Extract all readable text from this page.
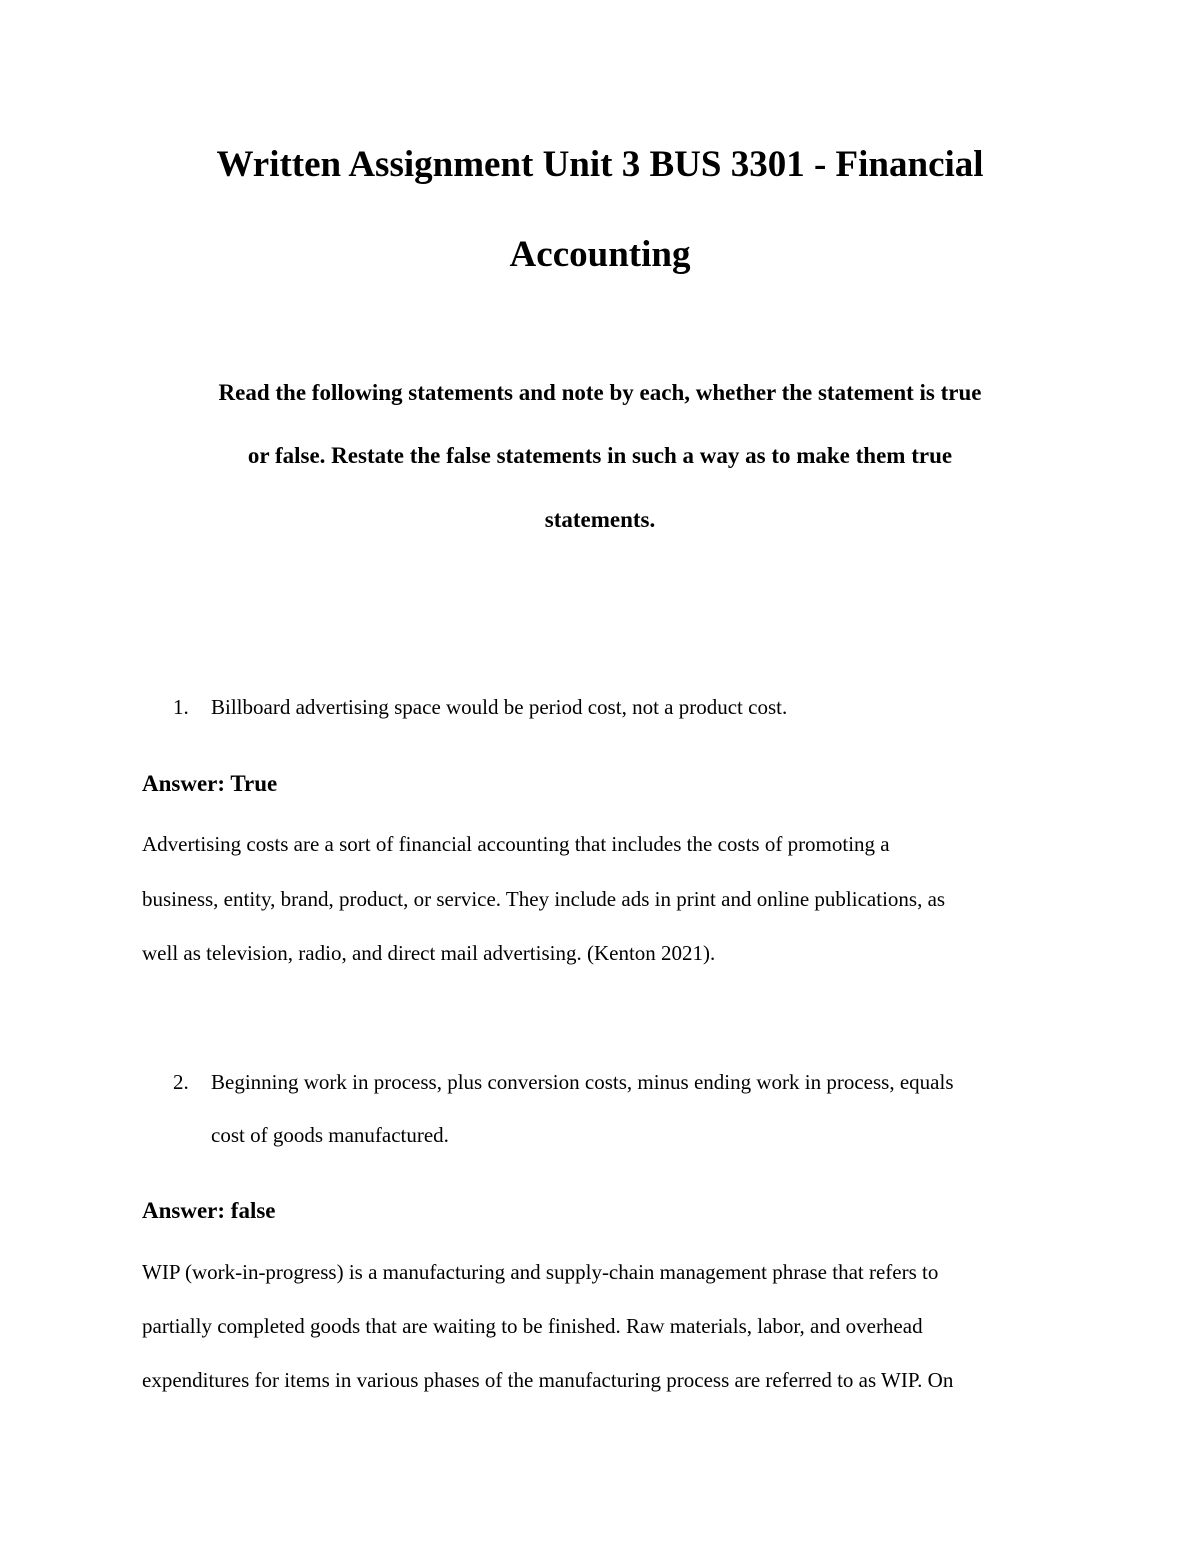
Written Assignment Unit 3 BUS 3301 - Financial
Accounting

Read the following statements and note by each, whether the statement is true

or false. Restate the false statements in such a way as to make them true

statements.

1. Billboard advertising space would be period cost, not a product cost.

Answer: True

Advertising costs are a sort of financial accounting that includes the costs of promoting a

business, entity, brand, product, or service. They include ads in print and online publications, as

well as television, radio, and direct mail advertising. (Kenton 2021).

2. Beginning work in process, plus conversion costs, minus ending work in process, equals

cost of goods manufactured.

Answer: false

WIP (work-in-progress) is a manufacturing and supply-chain management phrase that refers to

partially completed goods that are waiting to be finished. Raw materials, labor, and overhead

expenditures for items in various phases of the manufacturing process are referred to as WIP. On
